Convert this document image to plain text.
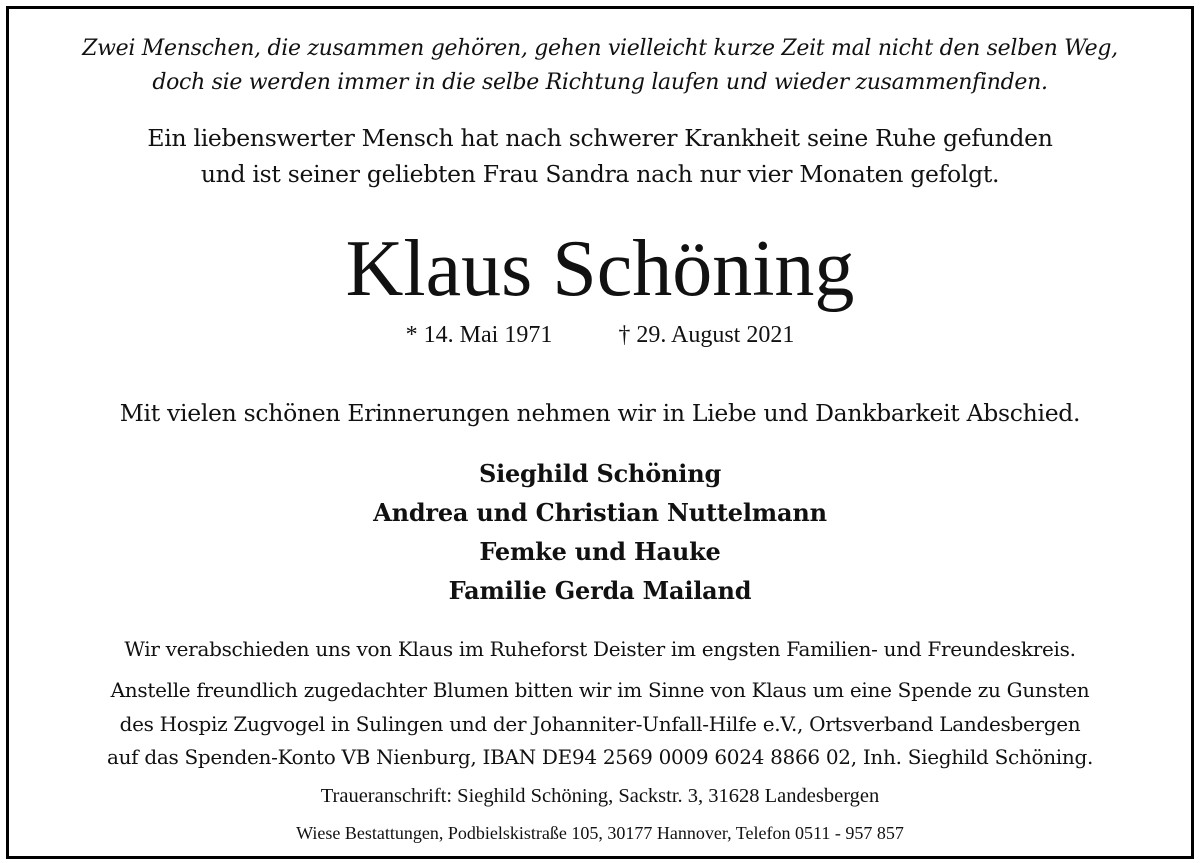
Zwei Menschen, die zusammen gehören, gehen vielleicht kurze Zeit mal nicht den selben Weg,
doch sie werden immer in die selbe Richtung laufen und wieder zusammenfinden.
Ein liebenswerter Mensch hat nach schwerer Krankheit seine Ruhe gefunden
und ist seiner geliebten Frau Sandra nach nur vier Monaten gefolgt.
Klaus Schöning
* 14. Mai 1971	† 29. August 2021
Mit vielen schönen Erinnerungen nehmen wir in Liebe und Dankbarkeit Abschied.
Sieghild Schöning
Andrea und Christian Nuttelmann
Femke und Hauke
Familie Gerda Mailand
Wir verabschieden uns von Klaus im Ruheforst Deister im engsten Familien- und Freundeskreis.
Anstelle freundlich zugedachter Blumen bitten wir im Sinne von Klaus um eine Spende zu Gunsten
des Hospiz Zugvogel in Sulingen und der Johanniter-Unfall-Hilfe e.V., Ortsverband Landesbergen
auf das Spenden-Konto VB Nienburg, IBAN DE94 2569 0009 6024 8866 02, Inh. Sieghild Schöning.
Traueranschrift: Sieghild Schöning, Sackstr. 3, 31628 Landesbergen
Wiese Bestattungen, Podbielskistraße 105, 30177 Hannover, Telefon 0511 - 957 857
